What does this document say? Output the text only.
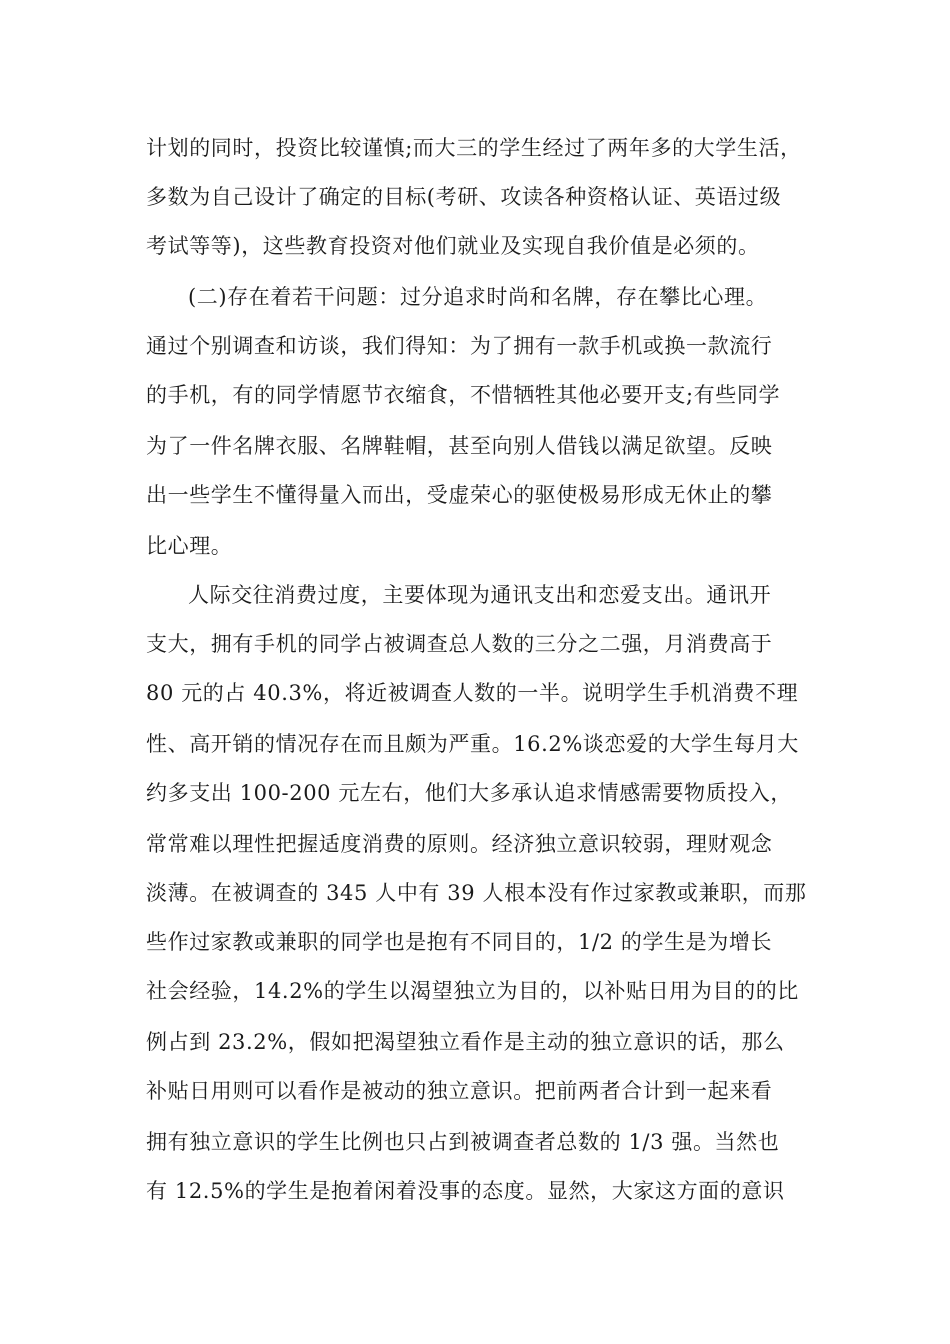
计划的同时，投资比较谨慎;而大三的学生经过了两年多的大学生活，
多数为自己设计了确定的目标(考研、攻读各种资格认证、英语过级
考试等等)，这些教育投资对他们就业及实现自我价值是必须的。
(二)存在着若干问题：过分追求时尚和名牌，存在攀比心理。
通过个别调查和访谈，我们得知：为了拥有一款手机或换一款流行
的手机，有的同学情愿节衣缩食，不惜牺牲其他必要开支;有些同学
为了一件名牌衣服、名牌鞋帽，甚至向别人借钱以满足欲望。反映
出一些学生不懂得量入而出，受虚荣心的驱使极易形成无休止的攀
比心理。
人际交往消费过度，主要体现为通讯支出和恋爱支出。通讯开
支大，拥有手机的同学占被调查总人数的三分之二强，月消费高于
80 元的占 40.3%，将近被调查人数的一半。说明学生手机消费不理
性、高开销的情况存在而且颇为严重。16.2%谈恋爱的大学生每月大
约多支出 100-200 元左右，他们大多承认追求情感需要物质投入，
常常难以理性把握适度消费的原则。经济独立意识较弱，理财观念
淡薄。在被调查的 345 人中有 39 人根本没有作过家教或兼职，而那
些作过家教或兼职的同学也是抱有不同目的，1/2 的学生是为增长
社会经验，14.2%的学生以渴望独立为目的，以补贴日用为目的的比
例占到 23.2%，假如把渴望独立看作是主动的独立意识的话，那么
补贴日用则可以看作是被动的独立意识。把前两者合计到一起来看
拥有独立意识的学生比例也只占到被调查者总数的 1/3 强。当然也
有 12.5%的学生是抱着闲着没事的态度。显然，大家这方面的意识
